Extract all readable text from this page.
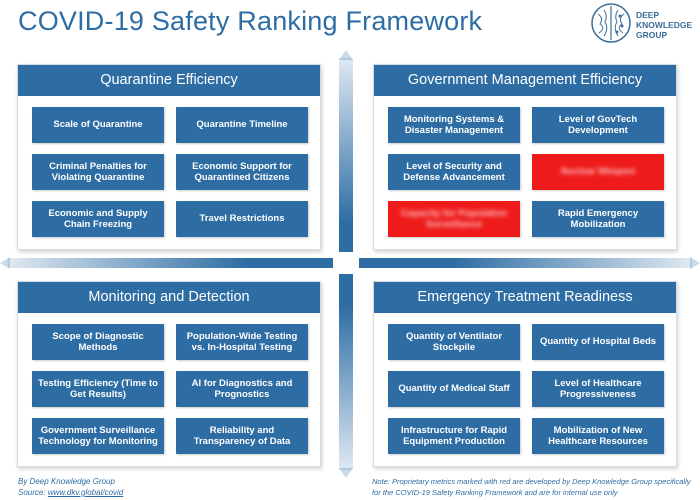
COVID-19 Safety Ranking Framework	DEEP
KNOWLEDGE
GROUP
Quarantine Efficiency
Scale of Quarantine	Quarantine Timeline
Criminal Penalties for Violating Quarantine
Economic Support for Quarantined Citizens
Economic and Supply Chain Freezing
Travel Restrictions
Government Management Efficiency
Monitoring Systems & Disaster Management
Level of GovTech Development
Level of Security and Defense Advancement
Nuclear Weapon
Capacity for Population Surveillance
Rapid Emergency Mobilization
Monitoring and Detection
Scope of Diagnostic Methods
Population-Wide Testing vs. In-Hospital Testing
Testing Efficiency (Time to Get Results)
AI for Diagnostics and Prognostics
Government Surveillance Technology for Monitoring
Reliability and Transparency of Data
Emergency Treatment Readiness
Quantity of Ventilator Stockpile
Quantity of Hospital Beds
Quantity of Medical Staff
Level of Healthcare Progressiveness
Infrastructure for Rapid Equipment Production
Mobilization of New Healthcare Resources
By Deep Knowledge Group
Source: www.dkv.global/covid
Note: Proprietary metrics marked with red are developed by Deep Knowledge Group specifically for the COVID-19 Safety Ranking Framework and are for internal use only
